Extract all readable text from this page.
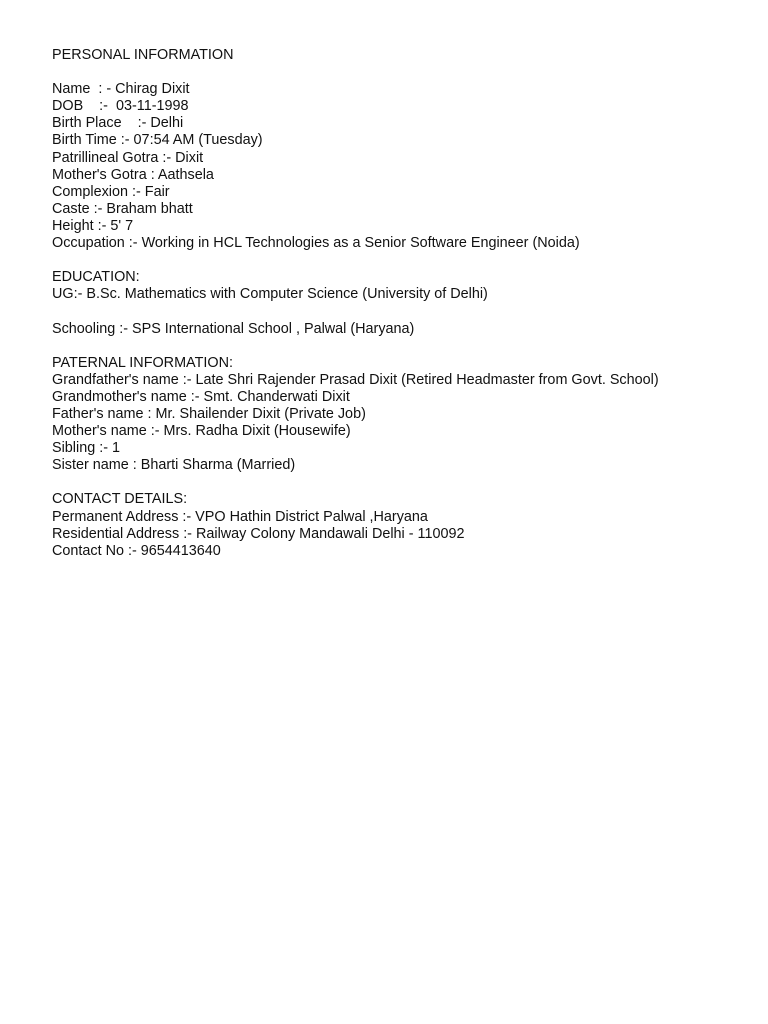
PERSONAL INFORMATION
Name  : - Chirag Dixit
DOB    :-  03-11-1998
Birth Place    :- Delhi
Birth Time :- 07:54 AM (Tuesday)
Patrillineal Gotra :- Dixit
Mother's Gotra : Aathsela
Complexion :- Fair
Caste :- Braham bhatt
Height :- 5' 7
Occupation :- Working in HCL Technologies as a Senior Software Engineer (Noida)
EDUCATION:
UG:- B.Sc. Mathematics with Computer Science (University of Delhi)
Schooling :- SPS International School , Palwal (Haryana)
PATERNAL INFORMATION:
Grandfather's name :- Late Shri Rajender Prasad Dixit (Retired Headmaster from Govt. School)
Grandmother's name :- Smt. Chanderwati Dixit
Father's name : Mr. Shailender Dixit (Private Job)
Mother's name :- Mrs. Radha Dixit (Housewife)
Sibling :- 1
Sister name : Bharti Sharma (Married)
CONTACT DETAILS:
Permanent Address :- VPO Hathin District Palwal ,Haryana
Residential Address :- Railway Colony Mandawali Delhi - 110092
Contact No :- 9654413640
